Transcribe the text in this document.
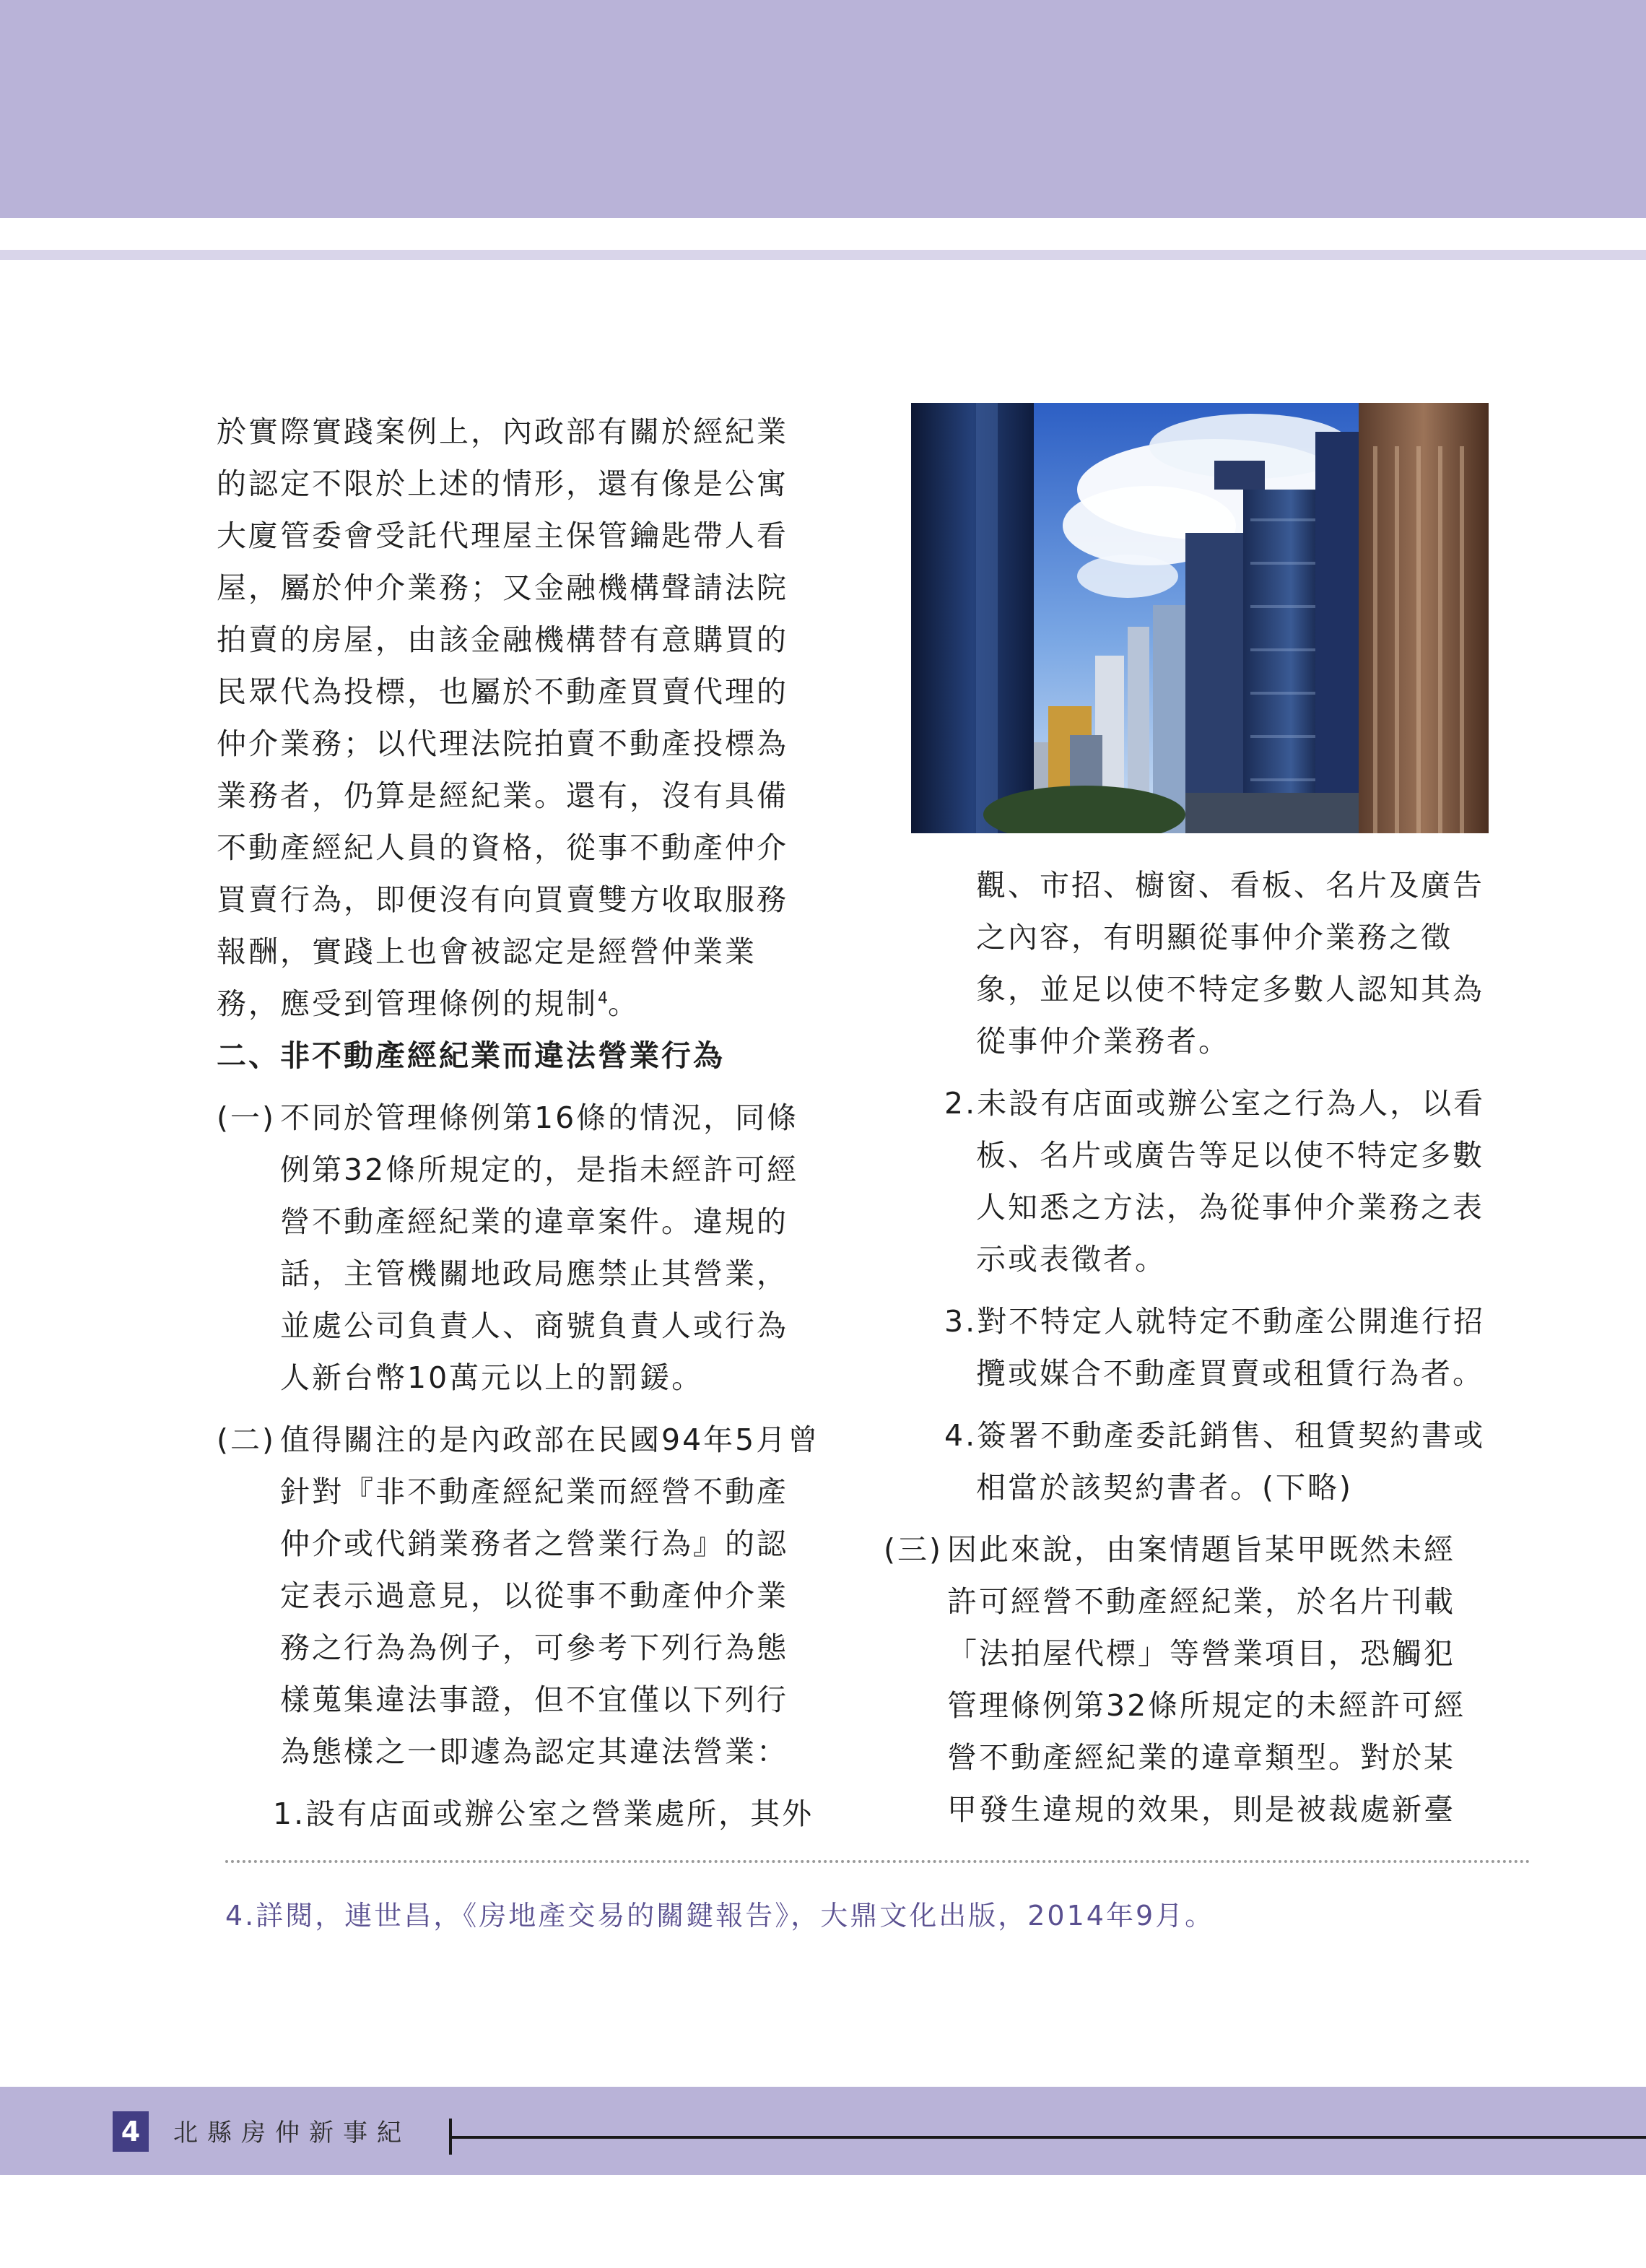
於實際實踐案例上，內政部有關於經紀業

的認定不限於上述的情形，還有像是公寓

大廈管委會受託代理屋主保管鑰匙帶人看

屋，屬於仲介業務；又金融機構聲請法院

拍賣的房屋，由該金融機構替有意購買的

民眾代為投標，也屬於不動產買賣代理的

仲介業務；以代理法院拍賣不動產投標為

業務者，仍算是經紀業。還有，沒有具備

不動產經紀人員的資格，從事不動產仲介

買賣行為，即便沒有向買賣雙方收取服務

報酬，實踐上也會被認定是經營仲業業

務，應受到管理條例的規制$^4$。

二、非不動產經紀業而違法營業行為

(一) 不同於管理條例第16條的情況，同條

例第32條所規定的，是指未經許可經

營不動產經紀業的違章案件。違規的

話，主管機關地政局應禁止其營業，

並處公司負責人、商號負責人或行為

人新台幣10萬元以上的罰鍰。

(二) 值得關注的是內政部在民國94年5月曾

針對『非不動產經紀業而經營不動產

仲介或代銷業務者之營業行為』的認

定表示過意見，以從事不動產仲介業

務之行為為例子，可參考下列行為態

樣蒐集違法事證，但不宜僅以下列行

為態樣之一即遽為認定其違法營業：

1.設有店面或辦公室之營業處所，其外

觀、市招、櫥窗、看板、名片及廣告

之內容，有明顯從事仲介業務之徵

象，並足以使不特定多數人認知其為

從事仲介業務者。

2.未設有店面或辦公室之行為人，以看

板、名片或廣告等足以使不特定多數

人知悉之方法，為從事仲介業務之表

示或表徵者。

3.對不特定人就特定不動產公開進行招

攬或媒合不動產買賣或租賃行為者。

4.簽署不動產委託銷售、租賃契約書或

相當於該契約書者。(下略)

(三) 因此來說，由案情題旨某甲既然未經

許可經營不動產經紀業，於名片刊載

「法拍屋代標」等營業項目，恐觸犯

管理條例第32條所規定的未經許可經

營不動產經紀業的違章類型。對於某

甲發生違規的效果，則是被裁處新臺

4.詳閱，連世昌，《房地產交易的關鍵報告》，大鼎文化出版，2014年9月。
4	北縣房仲新事紀
